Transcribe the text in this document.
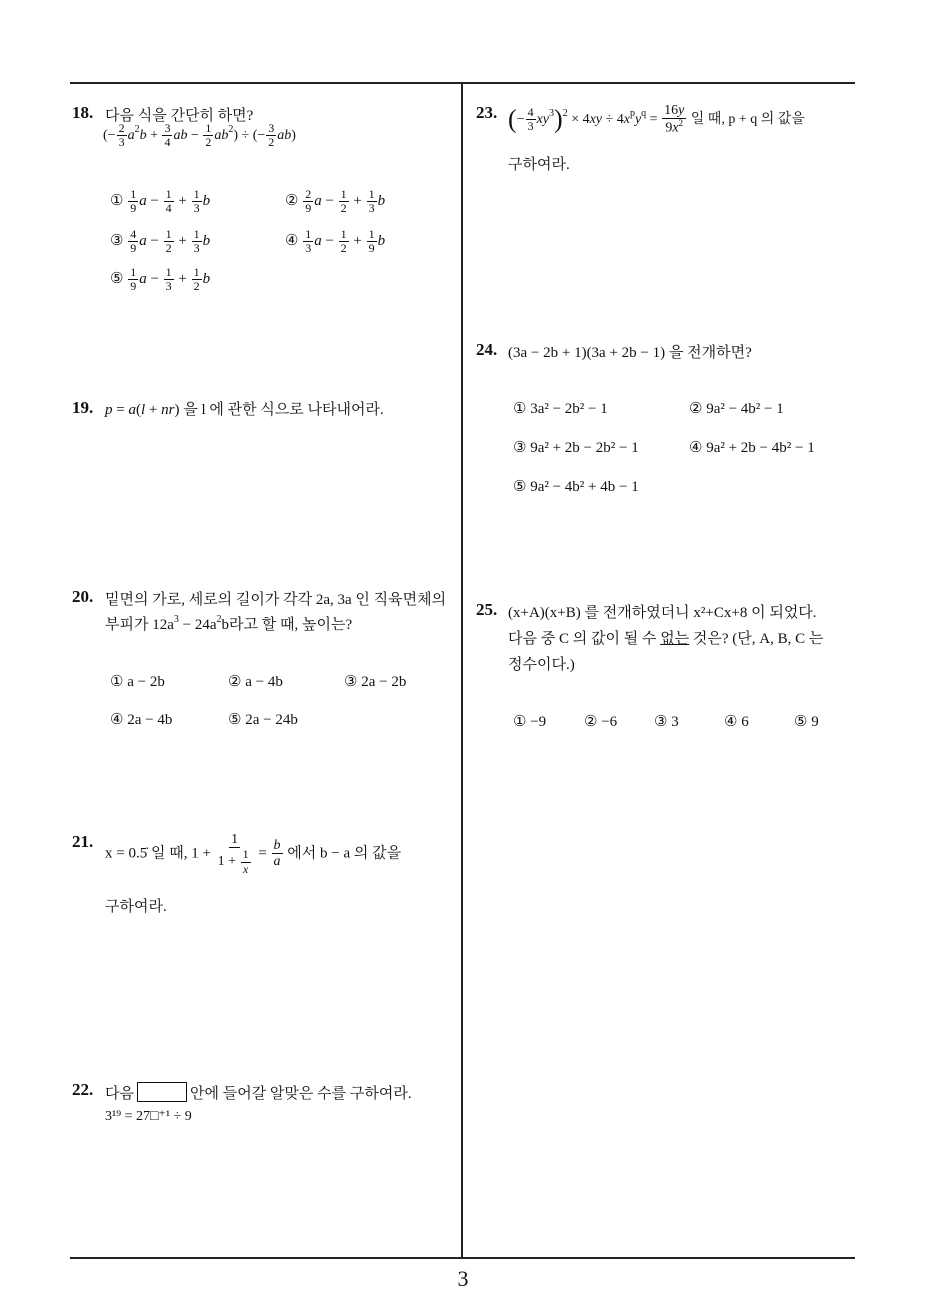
3
18. 다음 식을 간단히 하면?
(− $\frac{2}{3} a^2b + \frac{3}{4}$ ab − $\frac{1}{2} ab^2$) ÷ (− $\frac{3}{2} ab$)
① $\frac{1}{9}$ $a - \frac{1}{4} + \frac{1}{3}$ b	② $\frac{2}{9}$ $a - \frac{1}{2} + \frac{1}{3}$ b
③ $\frac{4}{9}$ $a - \frac{1}{2} + \frac{1}{3}$ b	④ $\frac{1}{3}$ $a - \frac{1}{2} + \frac{1}{9}$ b
⑤ $\frac{1}{9}$ $a - \frac{1}{3} + \frac{1}{2}$ b
19. p = a(l + nr) 을 l 에 관한 식으로 나타내어라.
20. 밑면의 가로, 세로의 길이가 각각 2a, 3a 인 직육면체의
부피가 $12a^3 - 24a^2b$라고 할 때, 높이는?
① a − 2b	② a − 4b	③ 2a − 2b
④ 2a − 4b	⑤ 2a − 24b
21.
x = 0.5̇ 일 때, $1 + \frac{1}{1 + \frac{1}{x}} = \frac{b}{a}$ 에서 b − a 의 값을
구하여라.
22. 다음	안에 들어갈 알맞은 수를 구하여라.
3¹⁹ = 27□⁺¹ ÷ 9
23. (− $\frac{4}{3} xy^3)^2 \times 4xy \div 4x^py^q = \frac{16y}{9x^2}$ 일 때, p + q 의 값을
구하여라.
24. (3a − 2b + 1)(3a + 2b − 1) 을 전개하면?
① 3a² − 2b² − 1	② 9a² − 4b² − 1
③ 9a² + 2b − 2b² − 1	④ 9a² + 2b − 4b² − 1
⑤ 9a² − 4b² + 4b − 1
25. (x+A)(x+B) 를 전개하였더니 x²+Cx+8 이 되었다.
다음 중 C 의 값이 될 수 없는 것은? (단, A, B, C 는
정수이다.)
① −9	② −6 ③ 3	④ 6	⑤ 9
